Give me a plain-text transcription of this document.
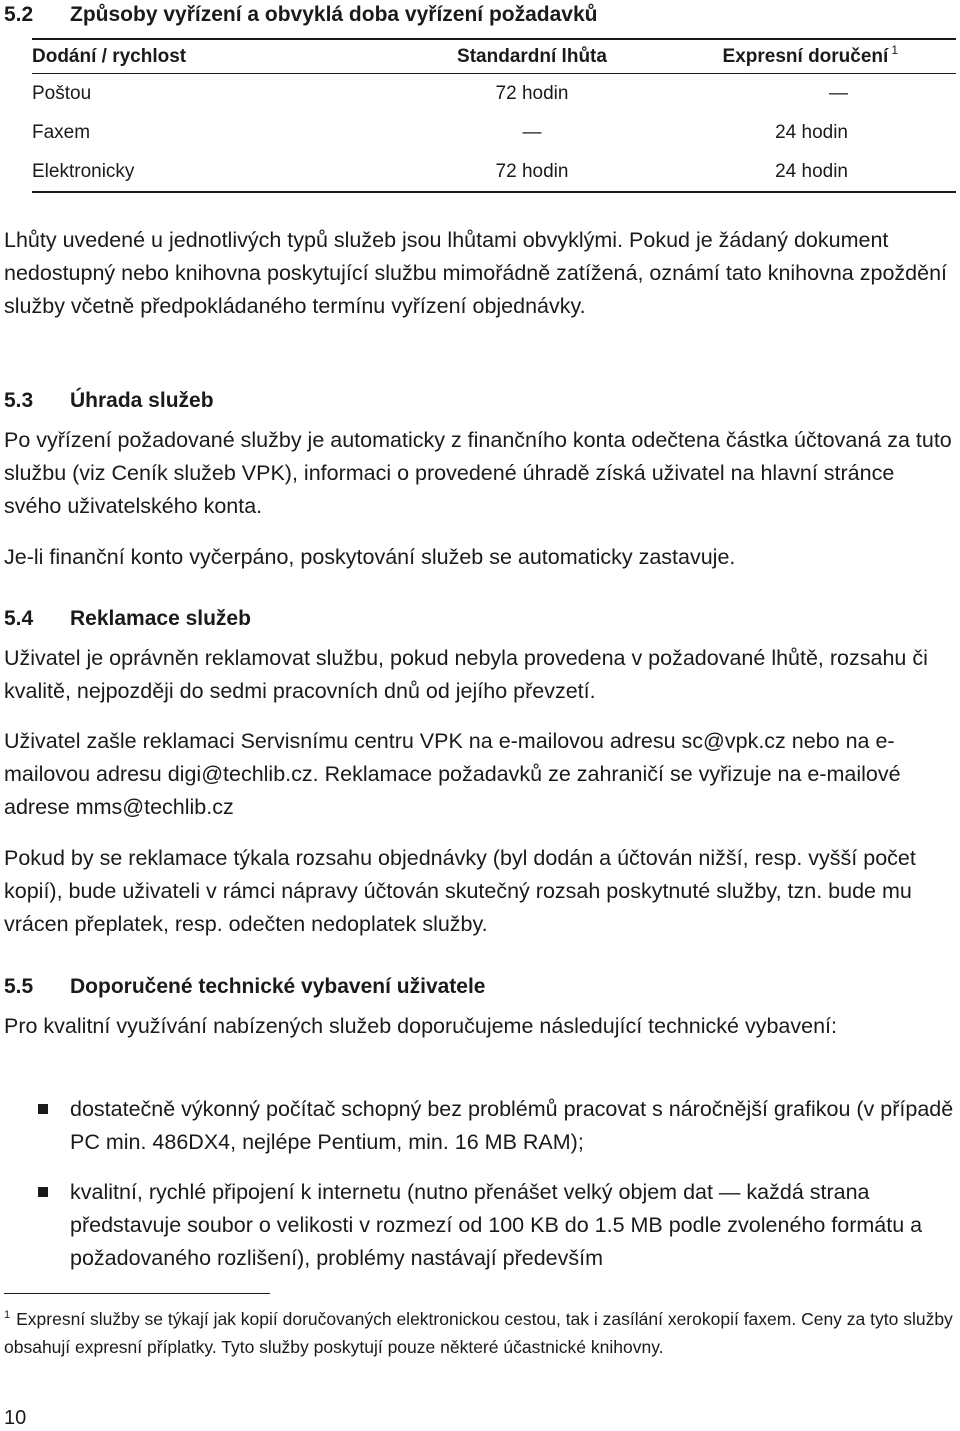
5.2	Způsoby vyřízení a obvyklá doba vyřízení požadavků
Dodání / rychlost	Standardní lhůta	Expresní doručení $^1$
Poštou	72 hodin	—
Faxem	—	24 hodin
Elektronicky	72 hodin	24 hodin

Lhůty uvedené u jednotlivých typů služeb jsou lhůtami obvyklými. Pokud je žádaný dokument nedostupný nebo knihovna poskytující službu mimořádně zatížená, oznámí tato knihovna zpoždění služby včetně předpokládaného termínu vyřízení objednávky.

5.3	Úhrada služeb

Po vyřízení požadované služby je automaticky z finančního konta odečtena částka účtovaná za tuto službu (viz Ceník služeb VPK), informaci o provedené úhradě získá uživatel na hlavní stránce svého uživatelského konta.

Je-li finanční konto vyčerpáno, poskytování služeb se automaticky zastavuje.

5.4	Reklamace služeb

Uživatel je oprávněn reklamovat službu, pokud nebyla provedena v požadované lhůtě, rozsahu či kvalitě, nejpozději do sedmi pracovních dnů od jejího převzetí.

Uživatel zašle reklamaci Servisnímu centru VPK na e-mailovou adresu sc@vpk.cz nebo na e-mailovou adresu digi@techlib.cz. Reklamace požadavků ze zahraničí se vyřizuje na e-mailové adrese mms@techlib.cz

Pokud by se reklamace týkala rozsahu objednávky (byl dodán a účtován nižší, resp. vyšší počet kopií), bude uživateli v rámci nápravy účtován skutečný rozsah poskytnuté služby, tzn. bude mu vrácen přeplatek, resp. odečten nedoplatek služby.

5.5	Doporučené technické vybavení uživatele

Pro kvalitní využívání nabízených služeb doporučujeme následující technické vybavení:

dostatečně výkonný počítač schopný bez problémů pracovat s náročnější grafikou (v případě PC min. 486DX4, nejlépe Pentium, min. 16 MB RAM);
kvalitní, rychlé připojení k internetu (nutno přenášet velký objem dat — každá strana představuje soubor o velikosti v rozmezí od 100 KB do 1.5 MB podle zvoleného formátu a požadovaného rozlišení), problémy nastávají především

$^1$ Expresní služby se týkají jak kopií doručovaných elektronickou cestou, tak i zasílání xerokopií faxem. Ceny za tyto služby obsahují expresní příplatky. Tyto služby poskytují pouze některé účastnické knihovny.

10
